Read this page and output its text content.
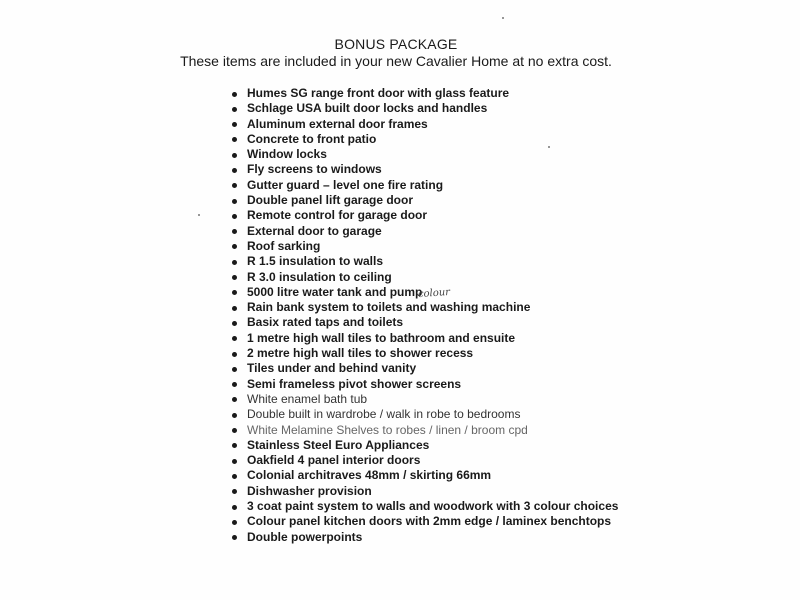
BONUS PACKAGE
These items are included in your new Cavalier Home at no extra cost.
Humes SG range front door with glass feature
Schlage USA built door locks and handles
Aluminum external door frames
Concrete to front patio
Window locks
Fly screens to windows
Gutter guard – level one fire rating
Double panel lift garage door
Remote control for garage door
External door to garage
Roof sarking
R 1.5 insulation to walls
R 3.0 insulation to ceiling
5000 litre water tank and pump
Rain bank system to toilets and washing machine
Basix rated taps and toilets
1 metre high wall tiles to bathroom and ensuite
2 metre high wall tiles to shower recess
Tiles under and behind vanity
Semi frameless pivot shower screens
White enamel bath tub
Double built in wardrobe / walk in robe to bedrooms
White Melamine Shelves to robes / linen / broom cpd
Stainless Steel Euro Appliances
Oakfield 4 panel interior doors
Colonial architraves 48mm / skirting 66mm
Dishwasher provision
3 coat paint system to walls and woodwork with 3 colour choices
Colour panel kitchen doors with 2mm edge / laminex benchtops
Double powerpoints
colour
